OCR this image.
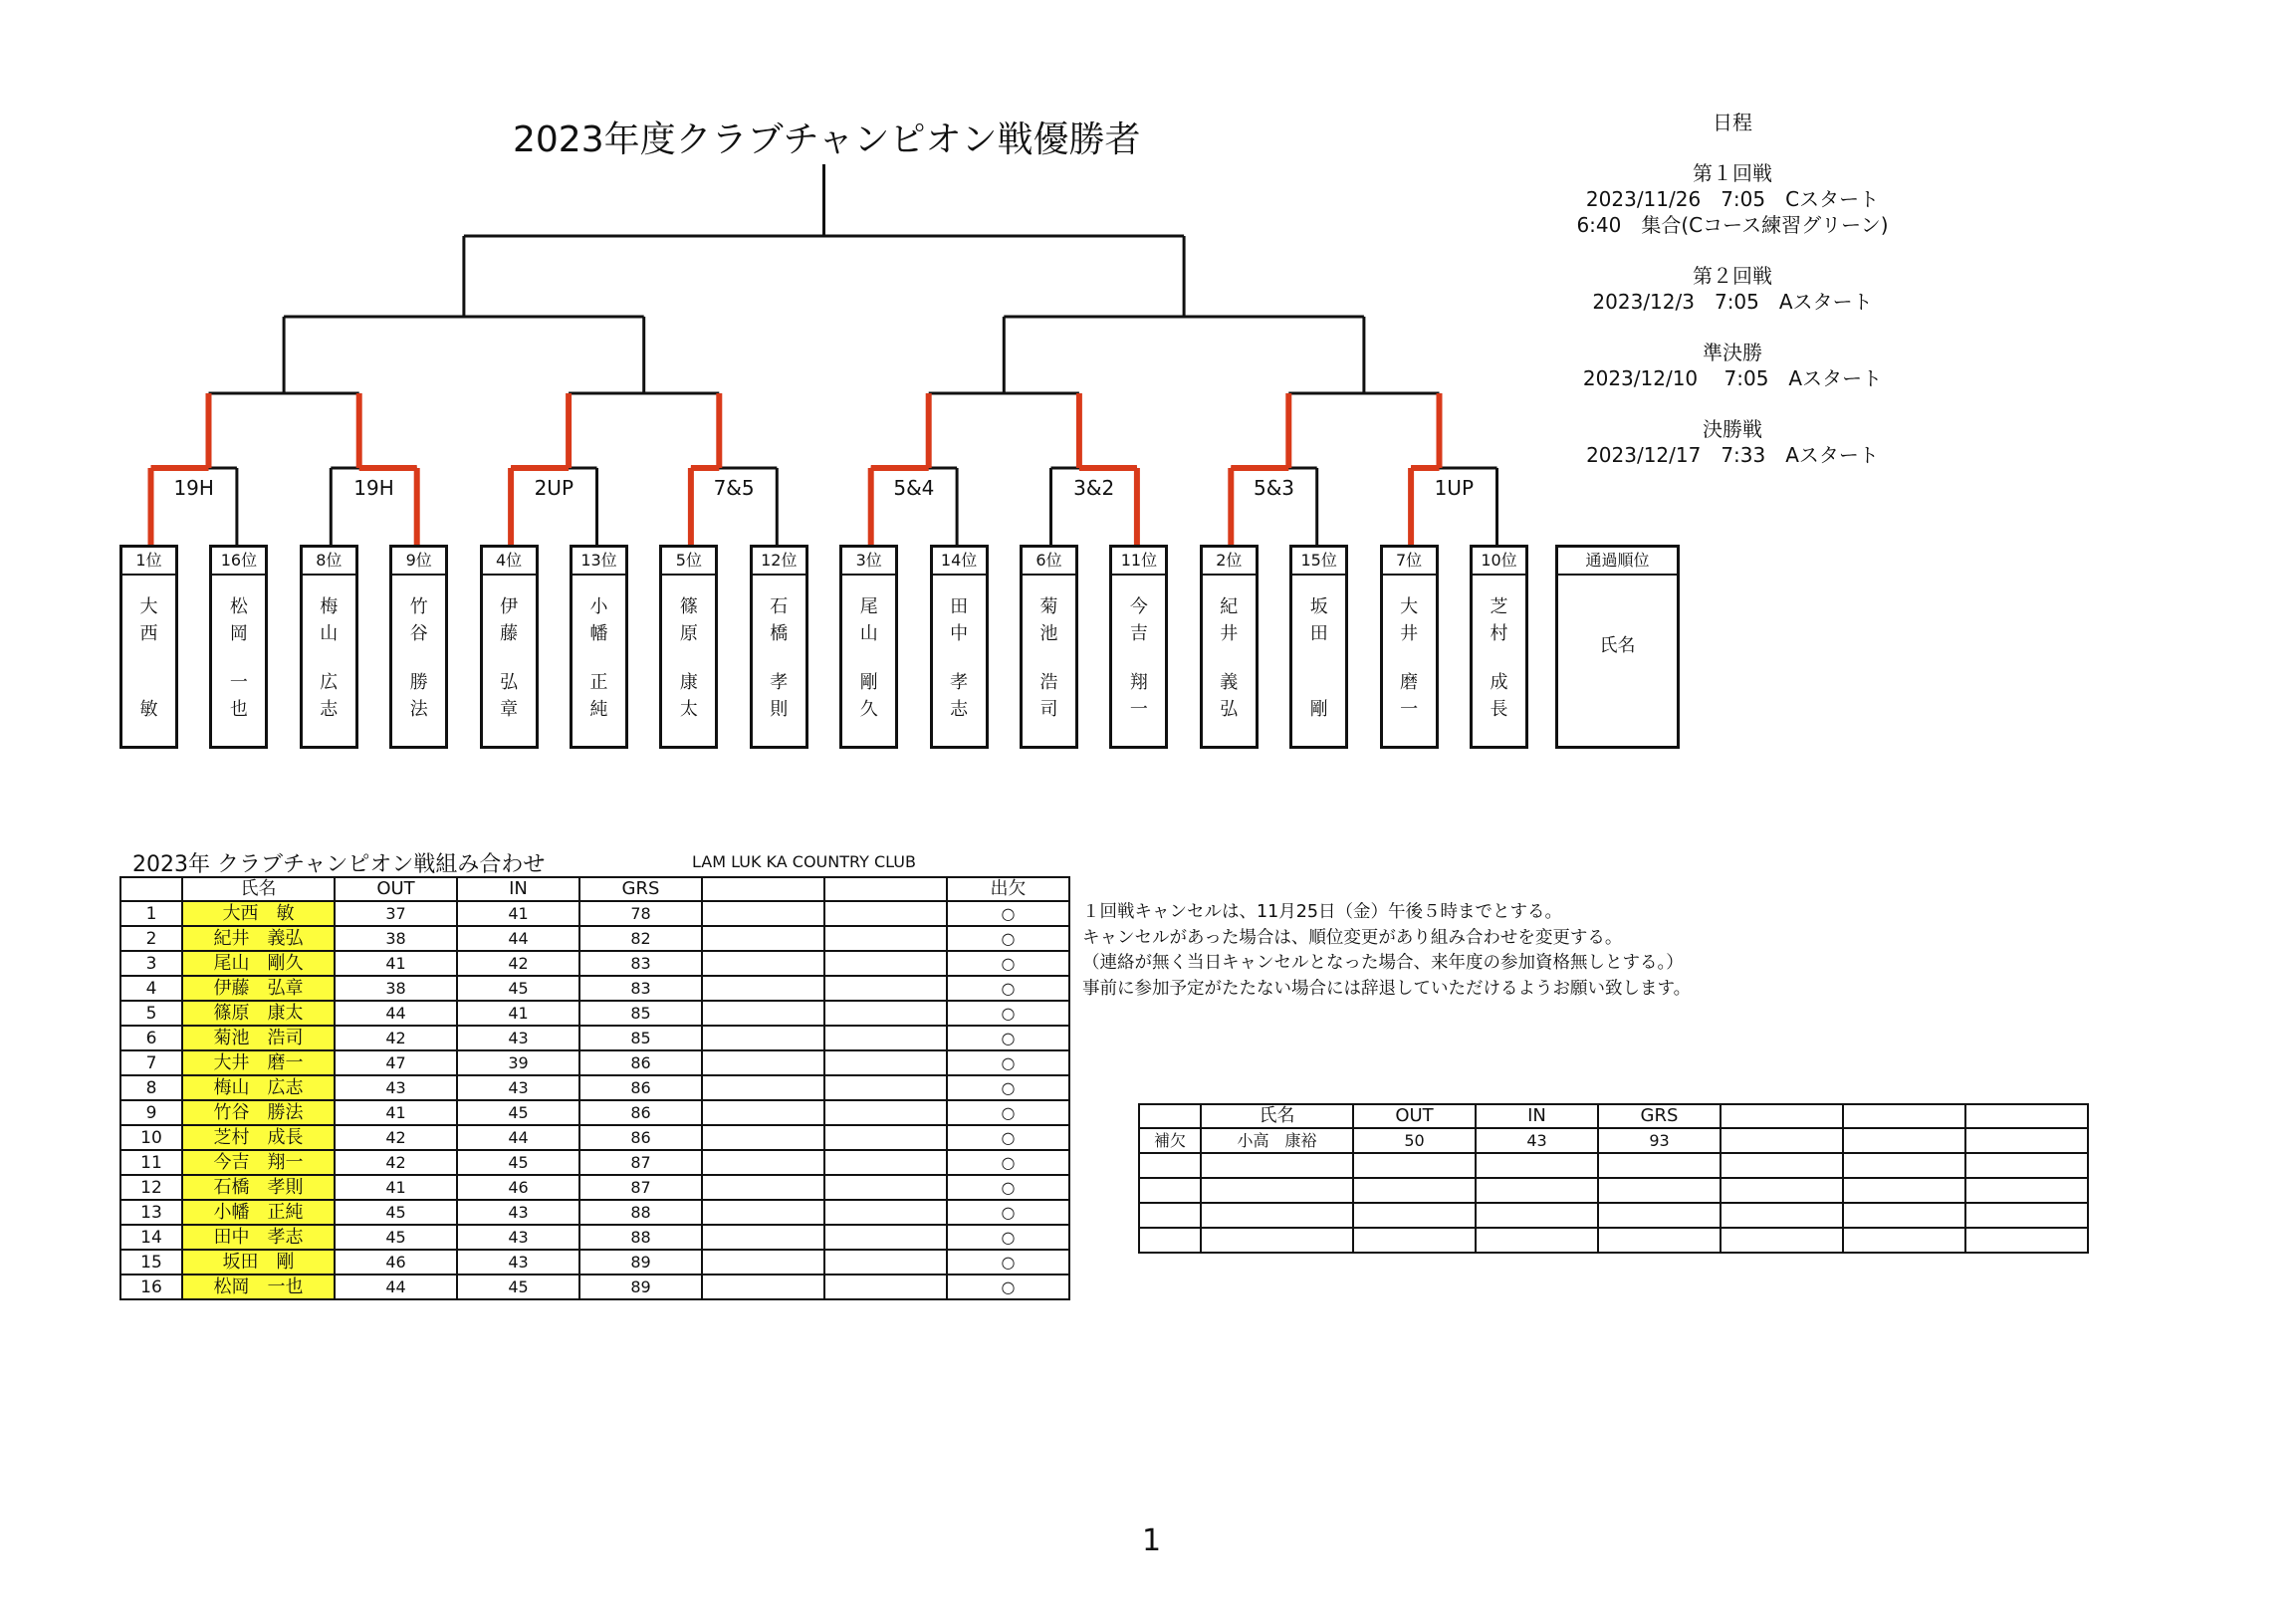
2023年度クラブチャンピオン戦優勝者	日程
第１回戦
2023/11/26　7:05　Cスタート
6:40　集合(Cコース練習グリーン)
第２回戦
2023/12/3　7:05　Aスタート
準決勝
2023/12/10　 7:05　Aスタート
決勝戦
2023/12/17　7:33　Aスタート
19H	19H	2UP	7&5	5&4	3&2	5&3	1UP
1位
大
西
敏
16位
松
岡
一
也
8位
梅
山
広
志
9位
竹
谷
勝
法
4位
伊
藤
弘
章
13位
小
幡
正
純
5位
篠
原
康
太
12位
石
橋
孝
則
3位
尾
山
剛
久
14位
田
中
孝
志
6位
菊
池
浩
司
11位
今
吉
翔
一
2位
紀
井
義
弘
15位
坂
田
剛
7位
大
井
磨
一
10位
芝
村
成
長
通過順位
氏名
2023年 クラブチャンピオン戦組み合わせ	LAM LUK KA COUNTRY CLUB
	氏名	OUT	IN	GRS			出欠
1	大西　敏	37	41	78			○
2	紀井　義弘	38	44	82			○
3	尾山　剛久	41	42	83			○
4	伊藤　弘章	38	45	83			○
5	篠原　康太	44	41	85			○
6	菊池　浩司	42	43	85			○
7	大井　磨一	47	39	86			○
8	梅山　広志	43	43	86			○
9	竹谷　勝法	41	45	86			○
10	芝村　成長	42	44	86			○
11	今吉　翔一	42	45	87			○
12	石橋　孝則	41	46	87			○
13	小幡　正純	45	43	88			○
14	田中　孝志	45	43	88			○
15	坂田　剛	46	43	89			○
16	松岡　一也	44	45	89			○
１回戦キャンセルは、11月25日（金）午後５時までとする。
キャンセルがあった場合は、順位変更があり組み合わせを変更する。
（連絡が無く当日キャンセルとなった場合、来年度の参加資格無しとする。）
事前に参加予定がたたない場合には辞退していただけるようお願い致します。
	氏名	OUT	IN	GRS			
補欠	小高　康裕	50	43	93			

1
